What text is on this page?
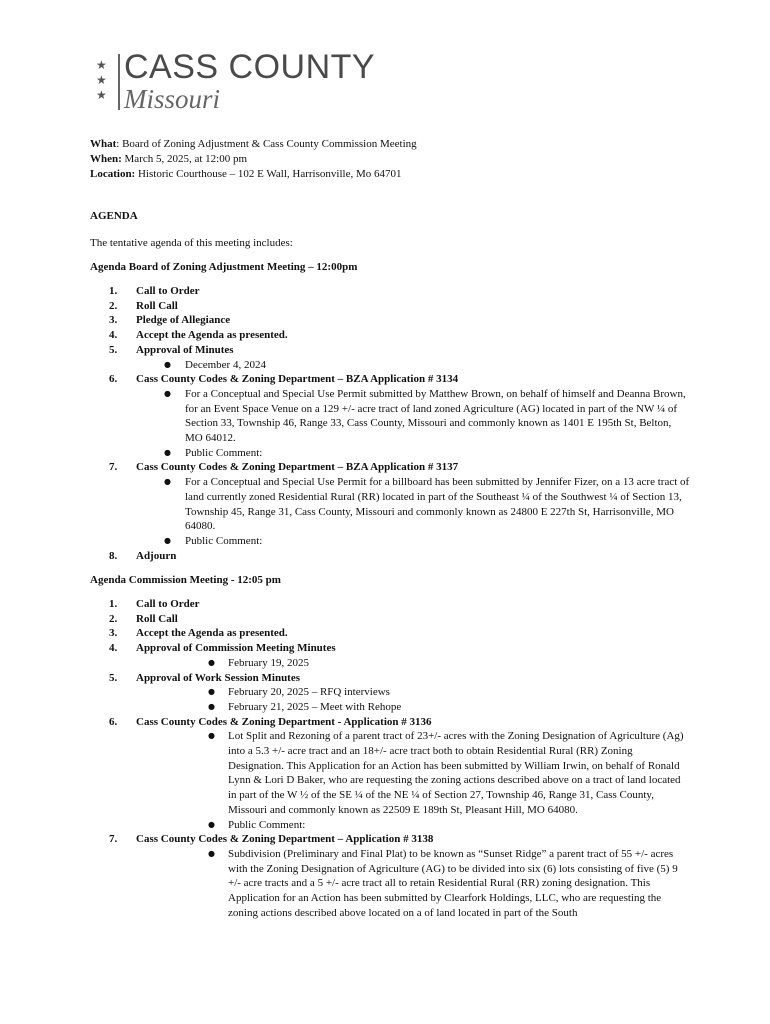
★
★
★
CASS COUNTY
Missouri
What: Board of Zoning Adjustment & Cass County Commission Meeting
When: March 5, 2025, at 12:00 pm
Location: Historic Courthouse – 102 E Wall, Harrisonville, Mo 64701
AGENDA
The tentative agenda of this meeting includes:
Agenda Board of Zoning Adjustment Meeting – 12:00pm
1. Call to Order
2. Roll Call
3. Pledge of Allegiance
4. Accept the Agenda as presented.
5. Approval of Minutes
● December 4, 2024
6. Cass County Codes & Zoning Department – BZA Application # 3134
● For a Conceptual and Special Use Permit submitted by Matthew Brown, on behalf of himself and Deanna Brown, for an Event Space Venue on a 129 +/- acre tract of land zoned Agriculture (AG) located in part of the NW ¼ of Section 33, Township 46, Range 33, Cass County, Missouri and commonly known as 1401 E 195th St, Belton, MO 64012.
● Public Comment:
7. Cass County Codes & Zoning Department – BZA Application # 3137
● For a Conceptual and Special Use Permit for a billboard has been submitted by Jennifer Fizer, on a 13 acre tract of land currently zoned Residential Rural (RR) located in part of the Southeast ¼ of the Southwest ¼ of Section 13, Township 45, Range 31, Cass County, Missouri and commonly known as 24800 E 227th St, Harrisonville, MO 64080.
● Public Comment:
8. Adjourn
Agenda Commission Meeting - 12:05 pm
1. Call to Order
2. Roll Call
3. Accept the Agenda as presented.
4. Approval of Commission Meeting Minutes
● February 19, 2025
5. Approval of Work Session Minutes
● February 20, 2025 – RFQ interviews
● February 21, 2025 – Meet with Rehope
6. Cass County Codes & Zoning Department - Application # 3136
● Lot Split and Rezoning of a parent tract of 23+/- acres with the Zoning Designation of Agriculture (Ag) into a 5.3 +/- acre tract and an 18+/- acre tract both to obtain Residential Rural (RR) Zoning Designation. This Application for an Action has been submitted by William Irwin, on behalf of Ronald Lynn & Lori D Baker, who are requesting the zoning actions described above on a tract of land located in part of the W ½ of the SE ¼ of the NE ¼ of Section 27, Township 46, Range 31, Cass County, Missouri and commonly known as 22509 E 189th St, Pleasant Hill, MO 64080.
● Public Comment:
7. Cass County Codes & Zoning Department – Application # 3138
● Subdivision (Preliminary and Final Plat) to be known as “Sunset Ridge” a parent tract of 55 +/- acres with the Zoning Designation of Agriculture (AG) to be divided into six (6) lots consisting of five (5) 9 +/- acre tracts and a 5 +/- acre tract all to retain Residential Rural (RR) zoning designation. This Application for an Action has been submitted by Clearfork Holdings, LLC, who are requesting the zoning actions described above located on a of land located in part of the South
